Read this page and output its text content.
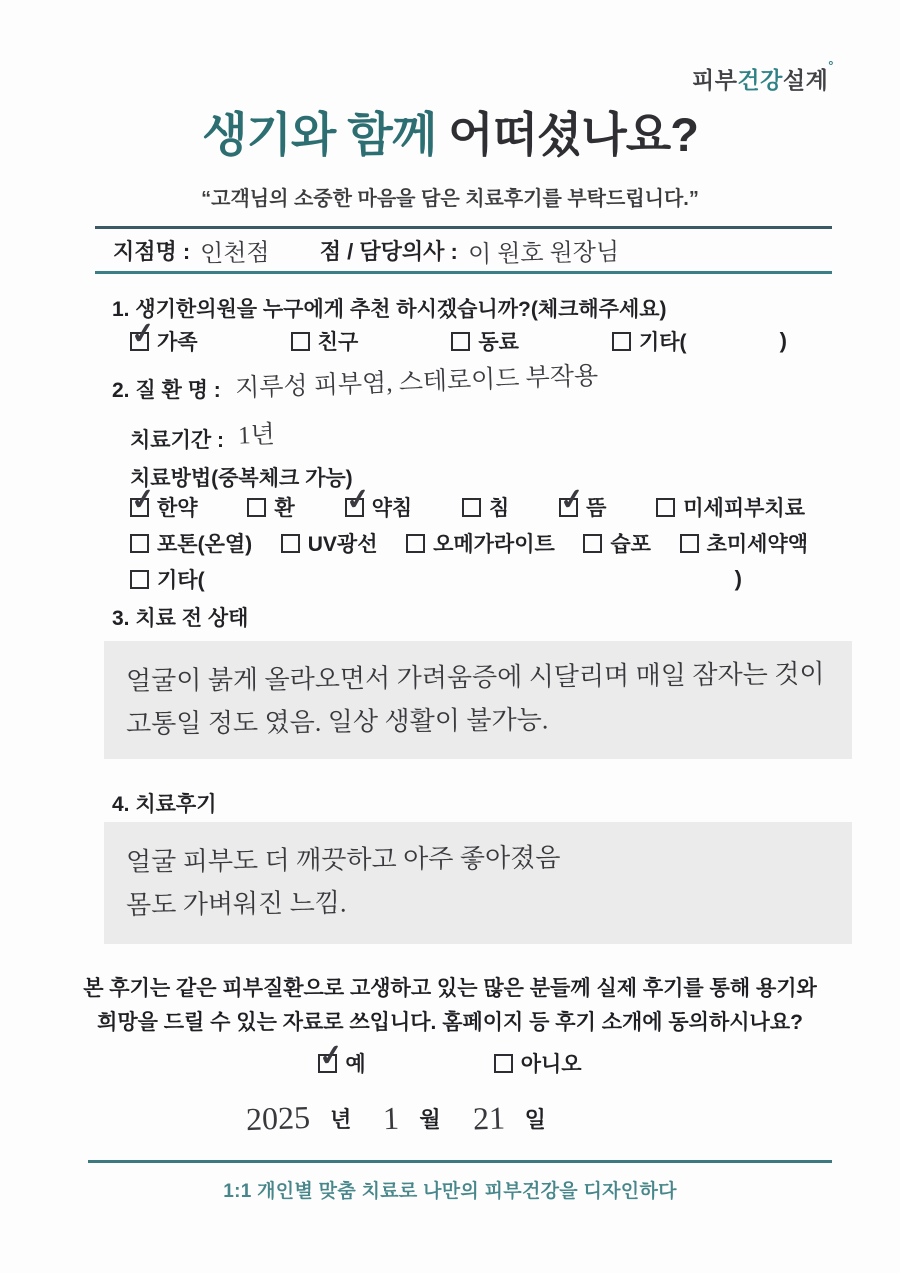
피부건강설계°
생기와 함께 어떠셨나요?
“고객님의 소중한 마음을 담은 치료후기를 부탁드립니다.”
지점명 : 인천점 점 / 담당의사 : 이 원호 원장님
1. 생기한의원을 누구에게 추천 하시겠습니까?(체크해주세요)
✓ 가족	친구	동료	기타(	)
2. 질 환 명 : 지루성 피부염, 스테로이드 부작용
치료기간 : 1년
치료방법(중복체크 가능)
✓ 한약	환 ✓ 약침	침 ✓ 뜸	미세피부치료
포톤(온열)	UV광선	오메가라이트	습포	초미세약액
기타(	)
3. 치료 전 상태
얼굴이 붉게 올라오면서 가려움증에 시달리며 매일 잠자는 것이
고통일 정도 였음. 일상 생활이 불가능.
4. 치료후기
얼굴 피부도 더 깨끗하고 아주 좋아졌음
몸도 가벼워진 느낌.
본 후기는 같은 피부질환으로 고생하고 있는 많은 분들께 실제 후기를 통해 용기와
희망을 드릴 수 있는 자료로 쓰입니다. 홈페이지 등 후기 소개에 동의하시나요?
✓ 예	아니오
2025 년 1 월 21 일
1:1 개인별 맞춤 치료로 나만의 피부건강을 디자인하다
